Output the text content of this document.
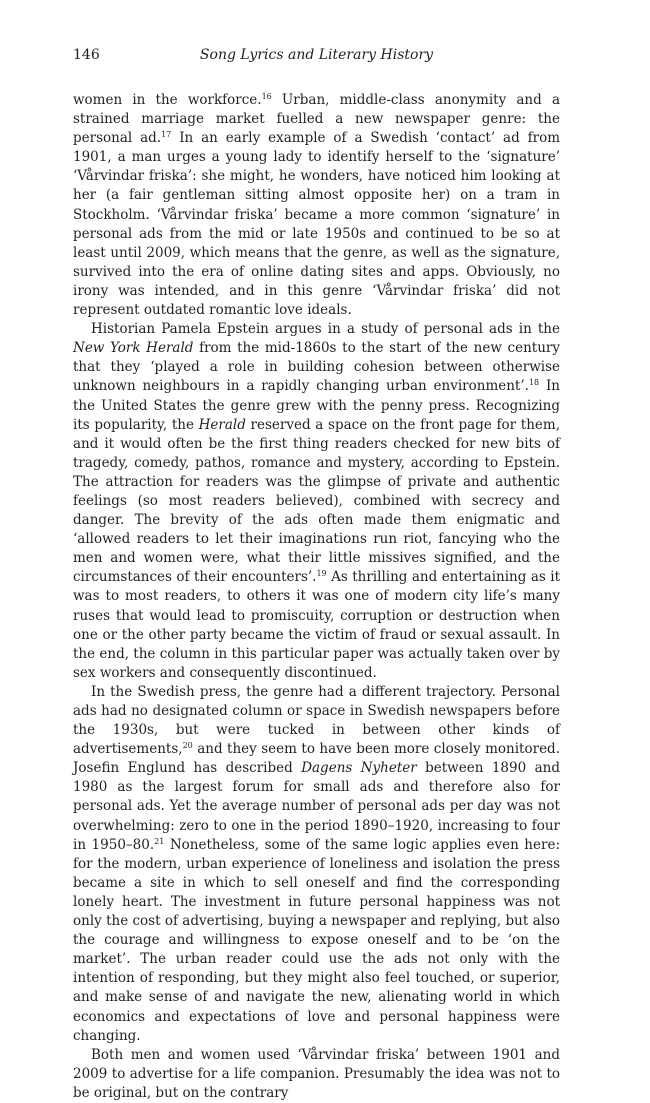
146	Song Lyrics and Literary History

women in the workforce.$^{16}$ Urban, middle-class anonymity and a strained marriage market fuelled a new newspaper genre: the personal ad.$^{17}$ In an early example of a Swedish ‘contact’ ad from 1901, a man urges a young lady to identify herself to the ‘signature’ ‘Vårvindar friska’: she might, he wonders, have noticed him looking at her (a fair gentleman sitting almost opposite her) on a tram in Stockholm. ‘Vårvindar friska’ became a more common ‘signature’ in personal ads from the mid or late 1950s and continued to be so at least until 2009, which means that the genre, as well as the signature, survived into the era of online dating sites and apps. Obviously, no irony was intended, and in this genre ‘Vårvindar friska’ did not represent outdated romantic love ideals.

Historian Pamela Epstein argues in a study of personal ads in the New York Herald from the mid-1860s to the start of the new century that they ‘played a role in building cohesion between otherwise unknown neighbours in a rapidly changing urban environment’.$^{18}$ In the United States the genre grew with the penny press. Recognizing its popularity, the Herald reserved a space on the front page for them, and it would often be the first thing readers checked for new bits of tragedy, comedy, pathos, romance and mystery, according to Epstein. The attraction for readers was the glimpse of private and authentic feelings (so most readers believed), combined with secrecy and danger. The brevity of the ads often made them enigmatic and ‘allowed readers to let their imaginations run riot, fancying who the men and women were, what their little missives signified, and the circumstances of their encounters’.$^{19}$ As thrilling and entertaining as it was to most readers, to others it was one of modern city life’s many ruses that would lead to promiscuity, corruption or destruction when one or the other party became the victim of fraud or sexual assault. In the end, the column in this particular paper was actually taken over by sex workers and consequently discontinued.

In the Swedish press, the genre had a different trajectory. Personal ads had no designated column or space in Swedish newspapers before the 1930s, but were tucked in between other kinds of advertisements,$^{20}$ and they seem to have been more closely monitored. Josefin Englund has described Dagens Nyheter between 1890 and 1980 as the largest forum for small ads and therefore also for personal ads. Yet the average number of personal ads per day was not overwhelming: zero to one in the period 1890–1920, increasing to four in 1950–80.21 Nonetheless, some of the same logic applies even here: for the modern, urban experience of loneliness and isolation the press became a site in which to sell oneself and find the corresponding lonely heart. The investment in future personal happiness was not only the cost of advertising, buying a newspaper and replying, but also the courage and willingness to expose oneself and to be ‘on the market’. The urban reader could use the ads not only with the intention of responding, but they might also feel touched, or superior, and make sense of and navigate the new, alienating world in which economics and expectations of love and personal happiness were changing.

Both men and women used ‘Vårvindar friska’ between 1901 and 2009 to advertise for a life companion. Presumably the idea was not to be original, but on the contrary
